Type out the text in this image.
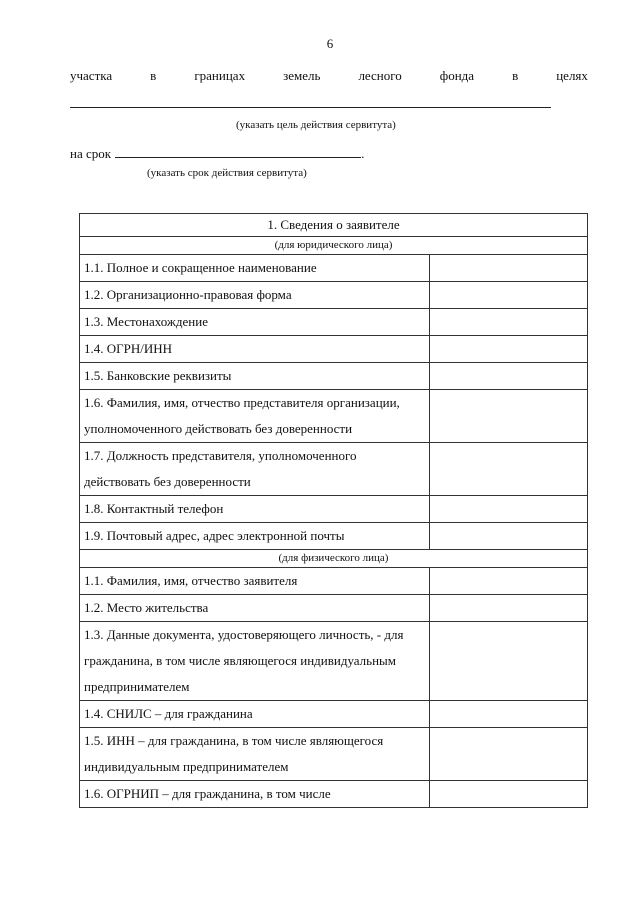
6
участка	в	границах	земель	лесного	фонда	в	целях
(указать цель действия сервитута)
на срок	.
(указать срок действия сервитута)
1. Сведения о заявителе	
(для юридического лица)	
1.1. Полное и сокращенное наименование	
1.2. Организационно-правовая форма	
1.3. Местонахождение	
1.4. ОГРН/ИНН	
1.5. Банковские реквизиты	
1.6. Фамилия, имя, отчество представителя организации, уполномоченного действовать без доверенности	
1.7. Должность представителя, уполномоченного действовать без доверенности	
1.8. Контактный телефон	
1.9. Почтовый адрес, адрес электронной почты	
(для физического лица)	
1.1. Фамилия, имя, отчество заявителя	
1.2. Место жительства	
1.3. Данные документа, удостоверяющего личность, - для гражданина, в том числе являющегося индивидуальным предпринимателем	
1.4. СНИЛС – для гражданина	
1.5. ИНН – для гражданина, в том числе являющегося индивидуальным предпринимателем	
1.6. ОГРНИП – для гражданина, в том числе	
